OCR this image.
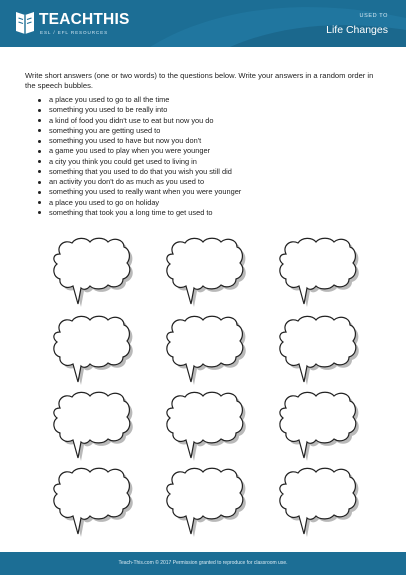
TEACHTHIS
ESL / EFL RESOURCES
USED TO
Life Changes
Write short answers (one or two words) to the questions below. Write your answers in a random order in the speech bubbles.
a place you used to go to all the time
something you used to be really into
a kind of food you didn't use to eat but now you do
something you are getting used to
something you used to have but now you don't
a game you used to play when you were younger
a city you think you could get used to living in
something that you used to do that you wish you still did
an activity you don't do as much as you used to
something you used to really want when you were younger
a place you used to go on holiday
something that took you a long time to get used to
Teach-This.com © 2017 Permission granted to reproduce for classroom use.
